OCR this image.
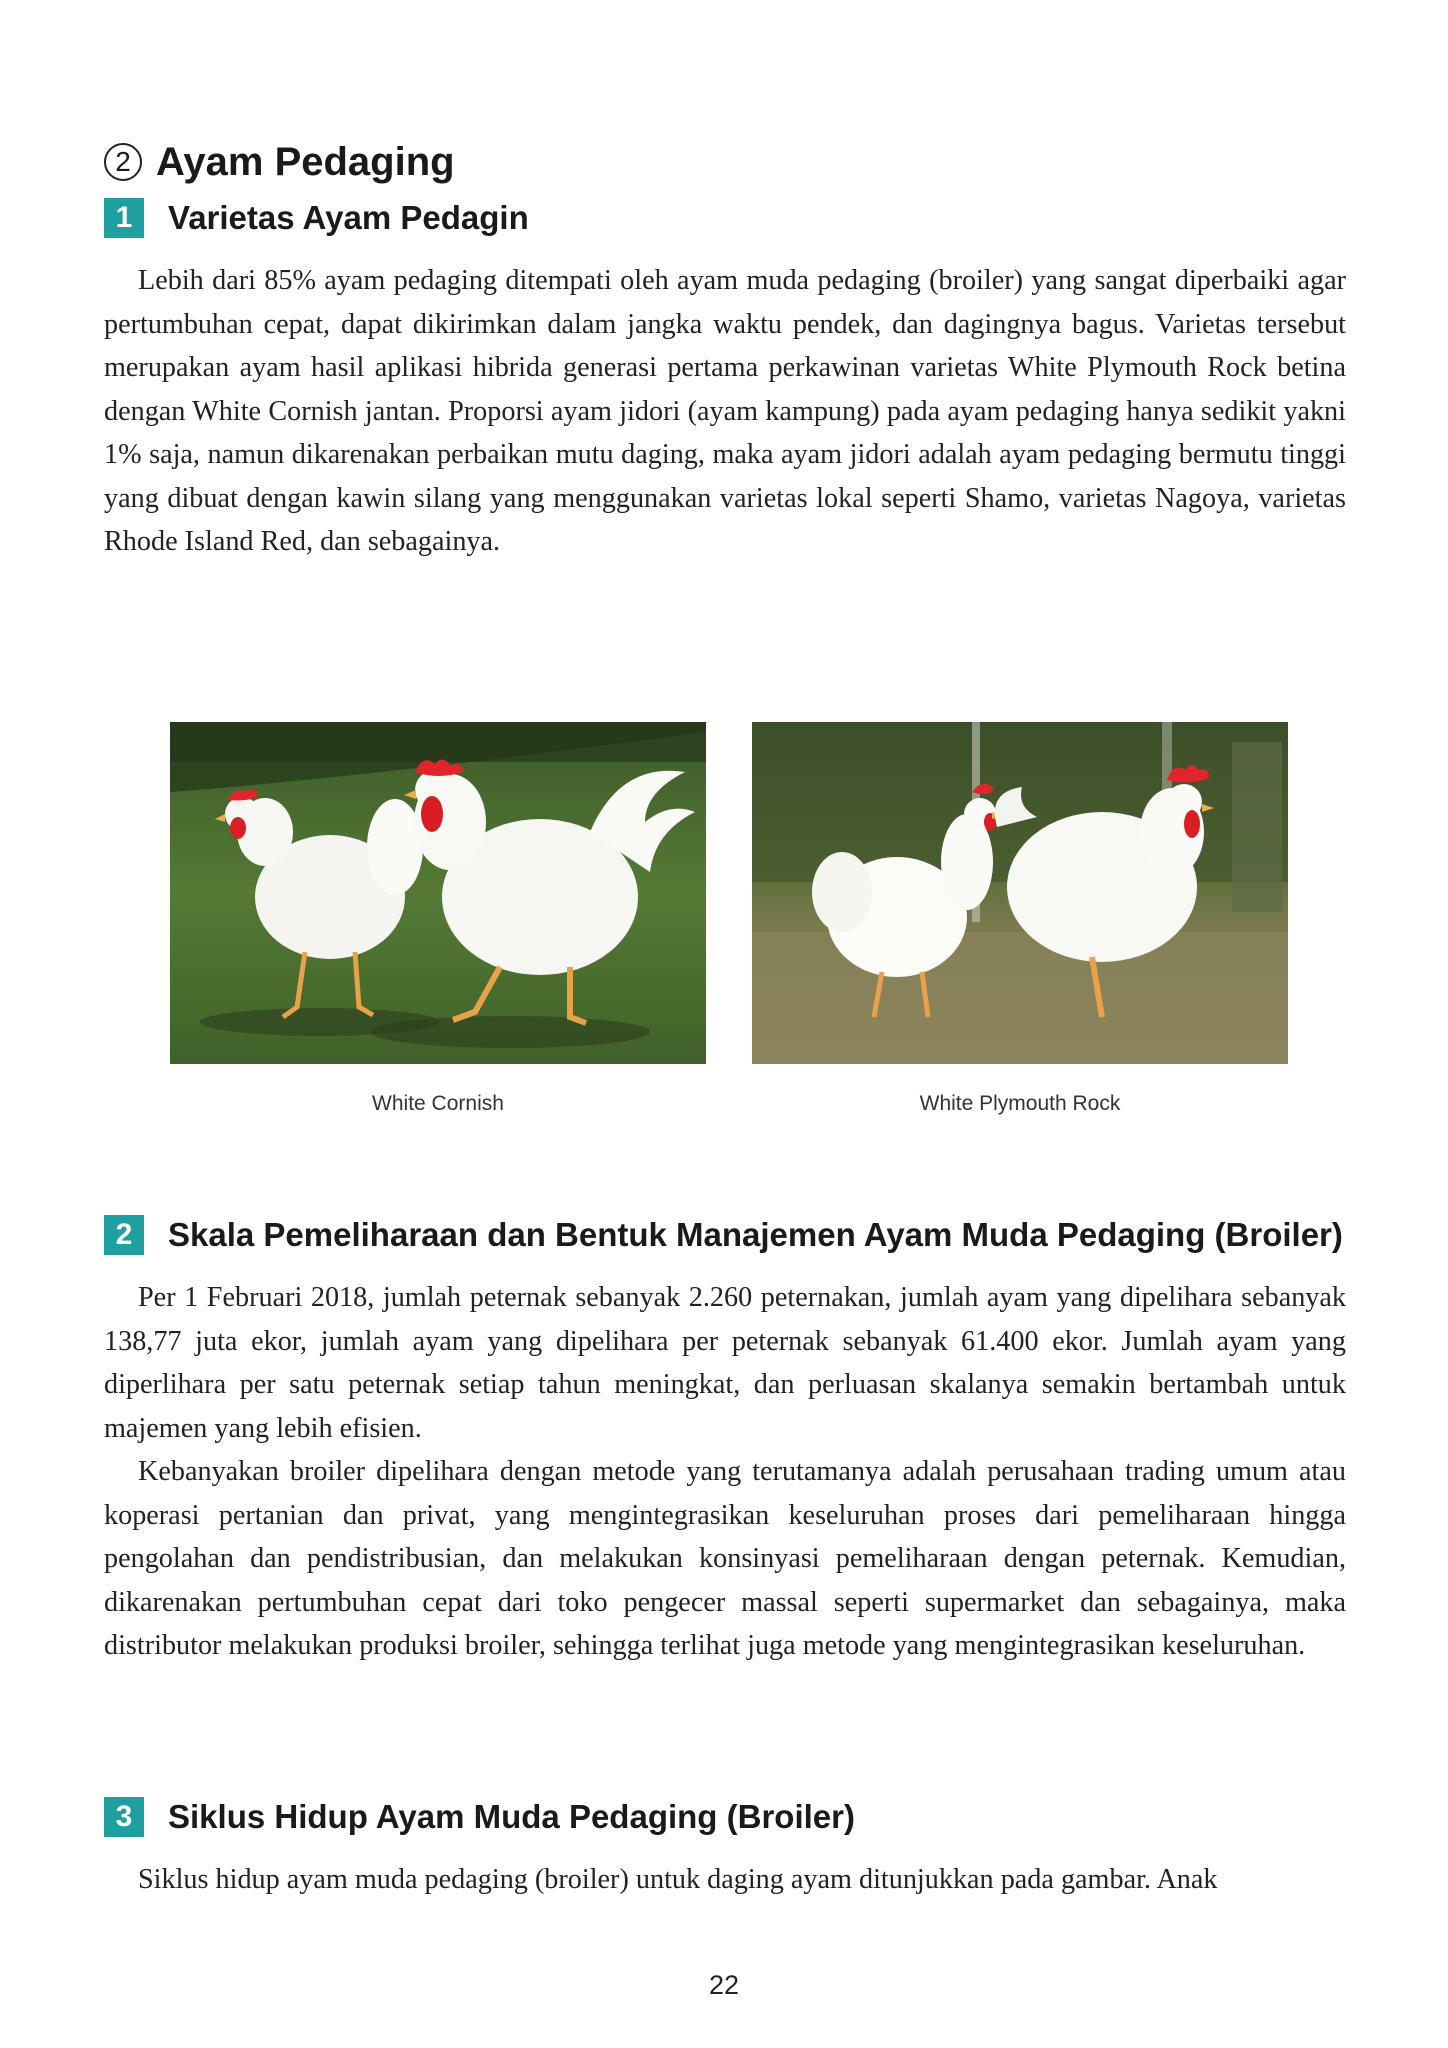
2 Ayam Pedaging
1	Varietas Ayam Pedagin

Lebih dari 85% ayam pedaging ditempati oleh ayam muda pedaging (broiler) yang sangat diperbaiki agar pertumbuhan cepat, dapat dikirimkan dalam jangka waktu pendek, dan dagingnya bagus. Varietas tersebut merupakan ayam hasil aplikasi hibrida generasi pertama perkawinan varietas White Plymouth Rock betina dengan White Cornish jantan. Proporsi ayam jidori (ayam kampung) pada ayam pedaging hanya sedikit yakni 1% saja, namun dikarenakan perbaikan mutu daging, maka ayam jidori adalah ayam pedaging bermutu tinggi yang dibuat dengan kawin silang yang menggunakan varietas lokal seperti Shamo, varietas Nagoya, varietas Rhode Island Red, dan sebagainya.

White Cornish	White Plymouth Rock
2	Skala Pemeliharaan dan Bentuk Manajemen Ayam Muda Pedaging (Broiler)

Per 1 Februari 2018, jumlah peternak sebanyak 2.260 peternakan, jumlah ayam yang dipelihara sebanyak 138,77 juta ekor, jumlah ayam yang dipelihara per peternak sebanyak 61.400 ekor. Jumlah ayam yang diperlihara per satu peternak setiap tahun meningkat, dan perluasan skalanya semakin bertambah untuk majemen yang lebih efisien.

Kebanyakan broiler dipelihara dengan metode yang terutamanya adalah perusahaan trading umum atau koperasi pertanian dan privat, yang mengintegrasikan keseluruhan proses dari pemeliharaan hingga pengolahan dan pendistribusian, dan melakukan konsinyasi pemeliharaan dengan peternak. Kemudian, dikarenakan pertumbuhan cepat dari toko pengecer massal seperti supermarket dan sebagainya, maka distributor melakukan produksi broiler, sehingga terlihat juga metode yang mengintegrasikan keseluruhan.

3	Siklus Hidup Ayam Muda Pedaging (Broiler)

Siklus hidup ayam muda pedaging (broiler) untuk daging ayam ditunjukkan pada gambar. Anak

22
